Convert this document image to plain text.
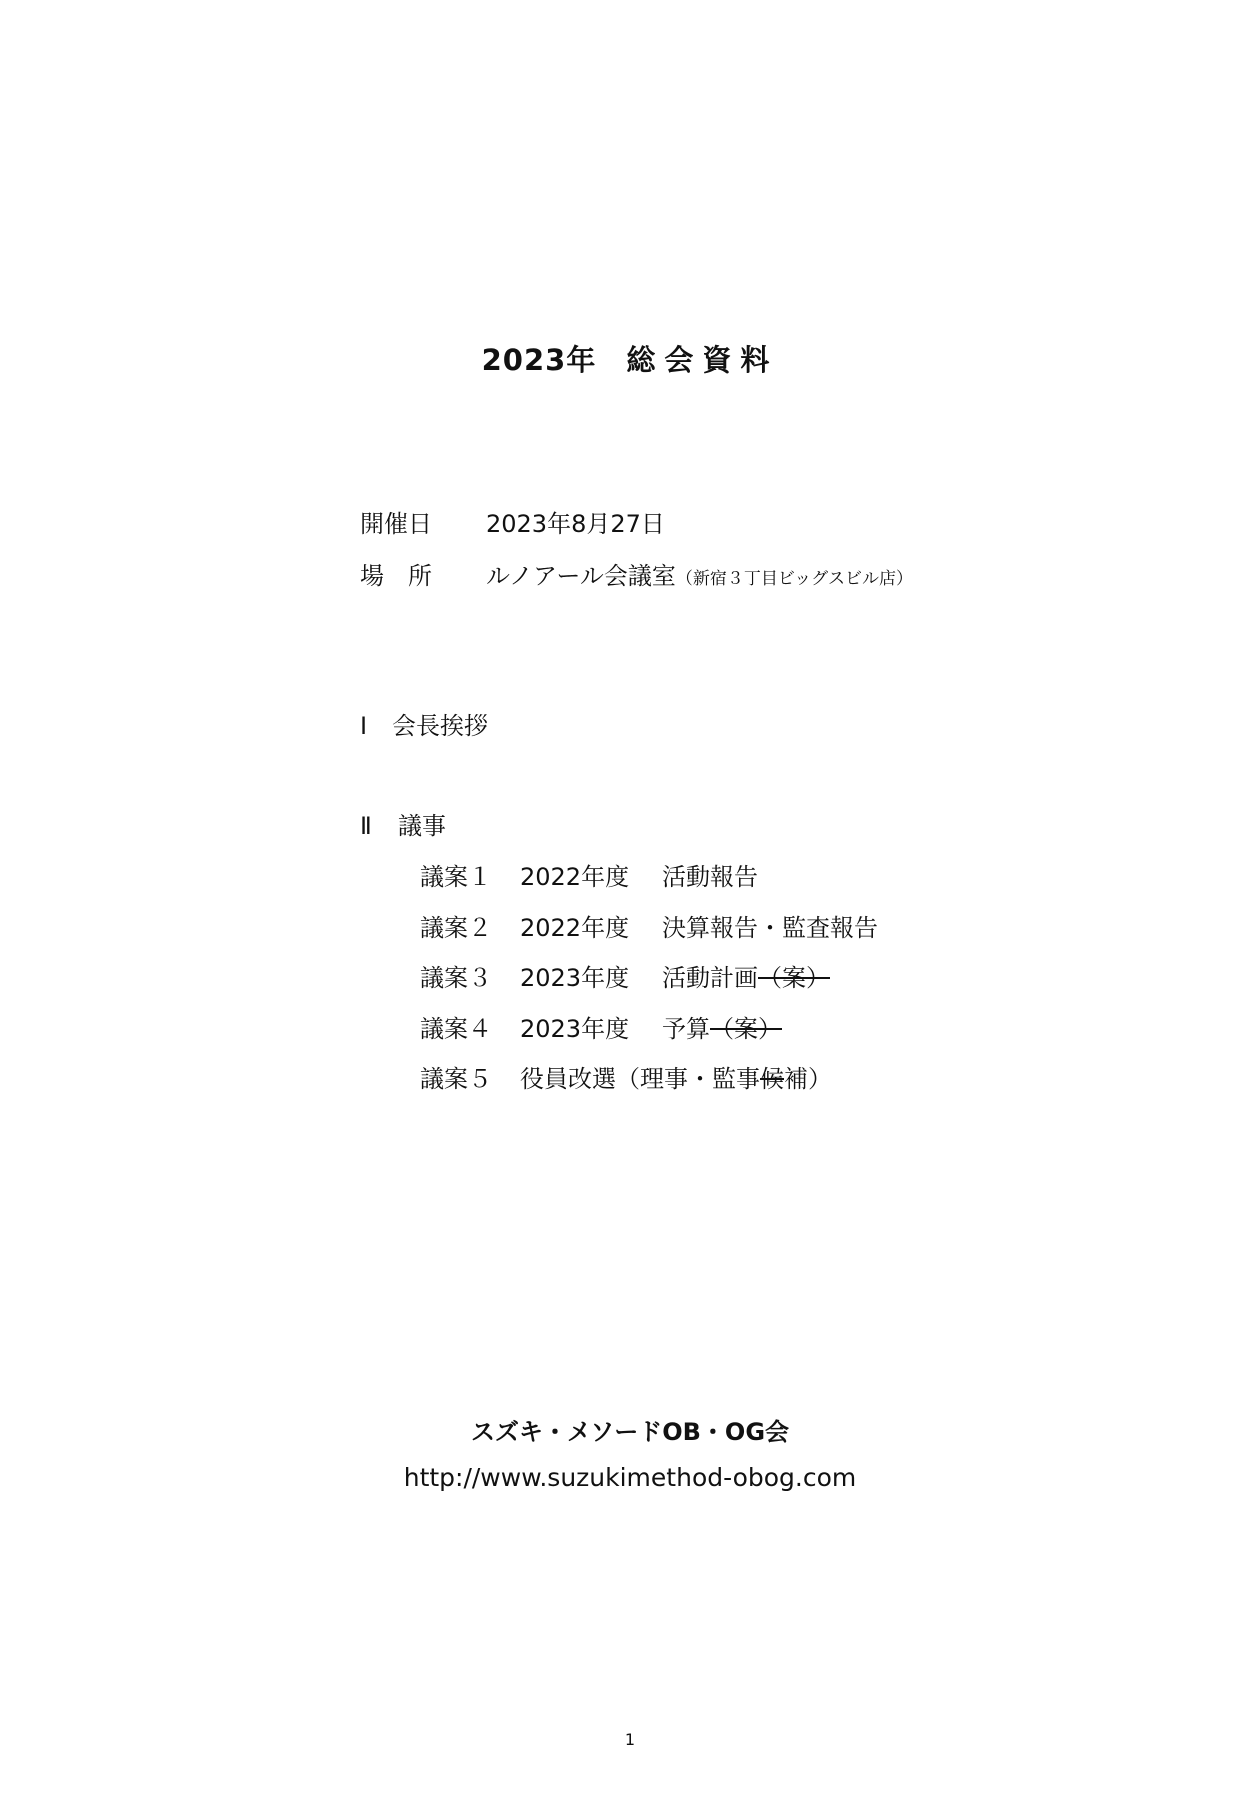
2023年 総会資料
開催日 2023年8月27日
場　所 ルノアール会議室（新宿３丁目ビッグスビル店）
Ⅰ 会長挨拶
Ⅱ 議事
議案１ 2022年度 活動報告
議案２ 2022年度 決算報告・監査報告
議案３ 2023年度 活動計画（案）
議案４ 2023年度 予算（案）
議案５ 役員改選（理事・監事候補）
スズキ・メソードOB・OG会
http://www.suzukimethod-obog.com
1
